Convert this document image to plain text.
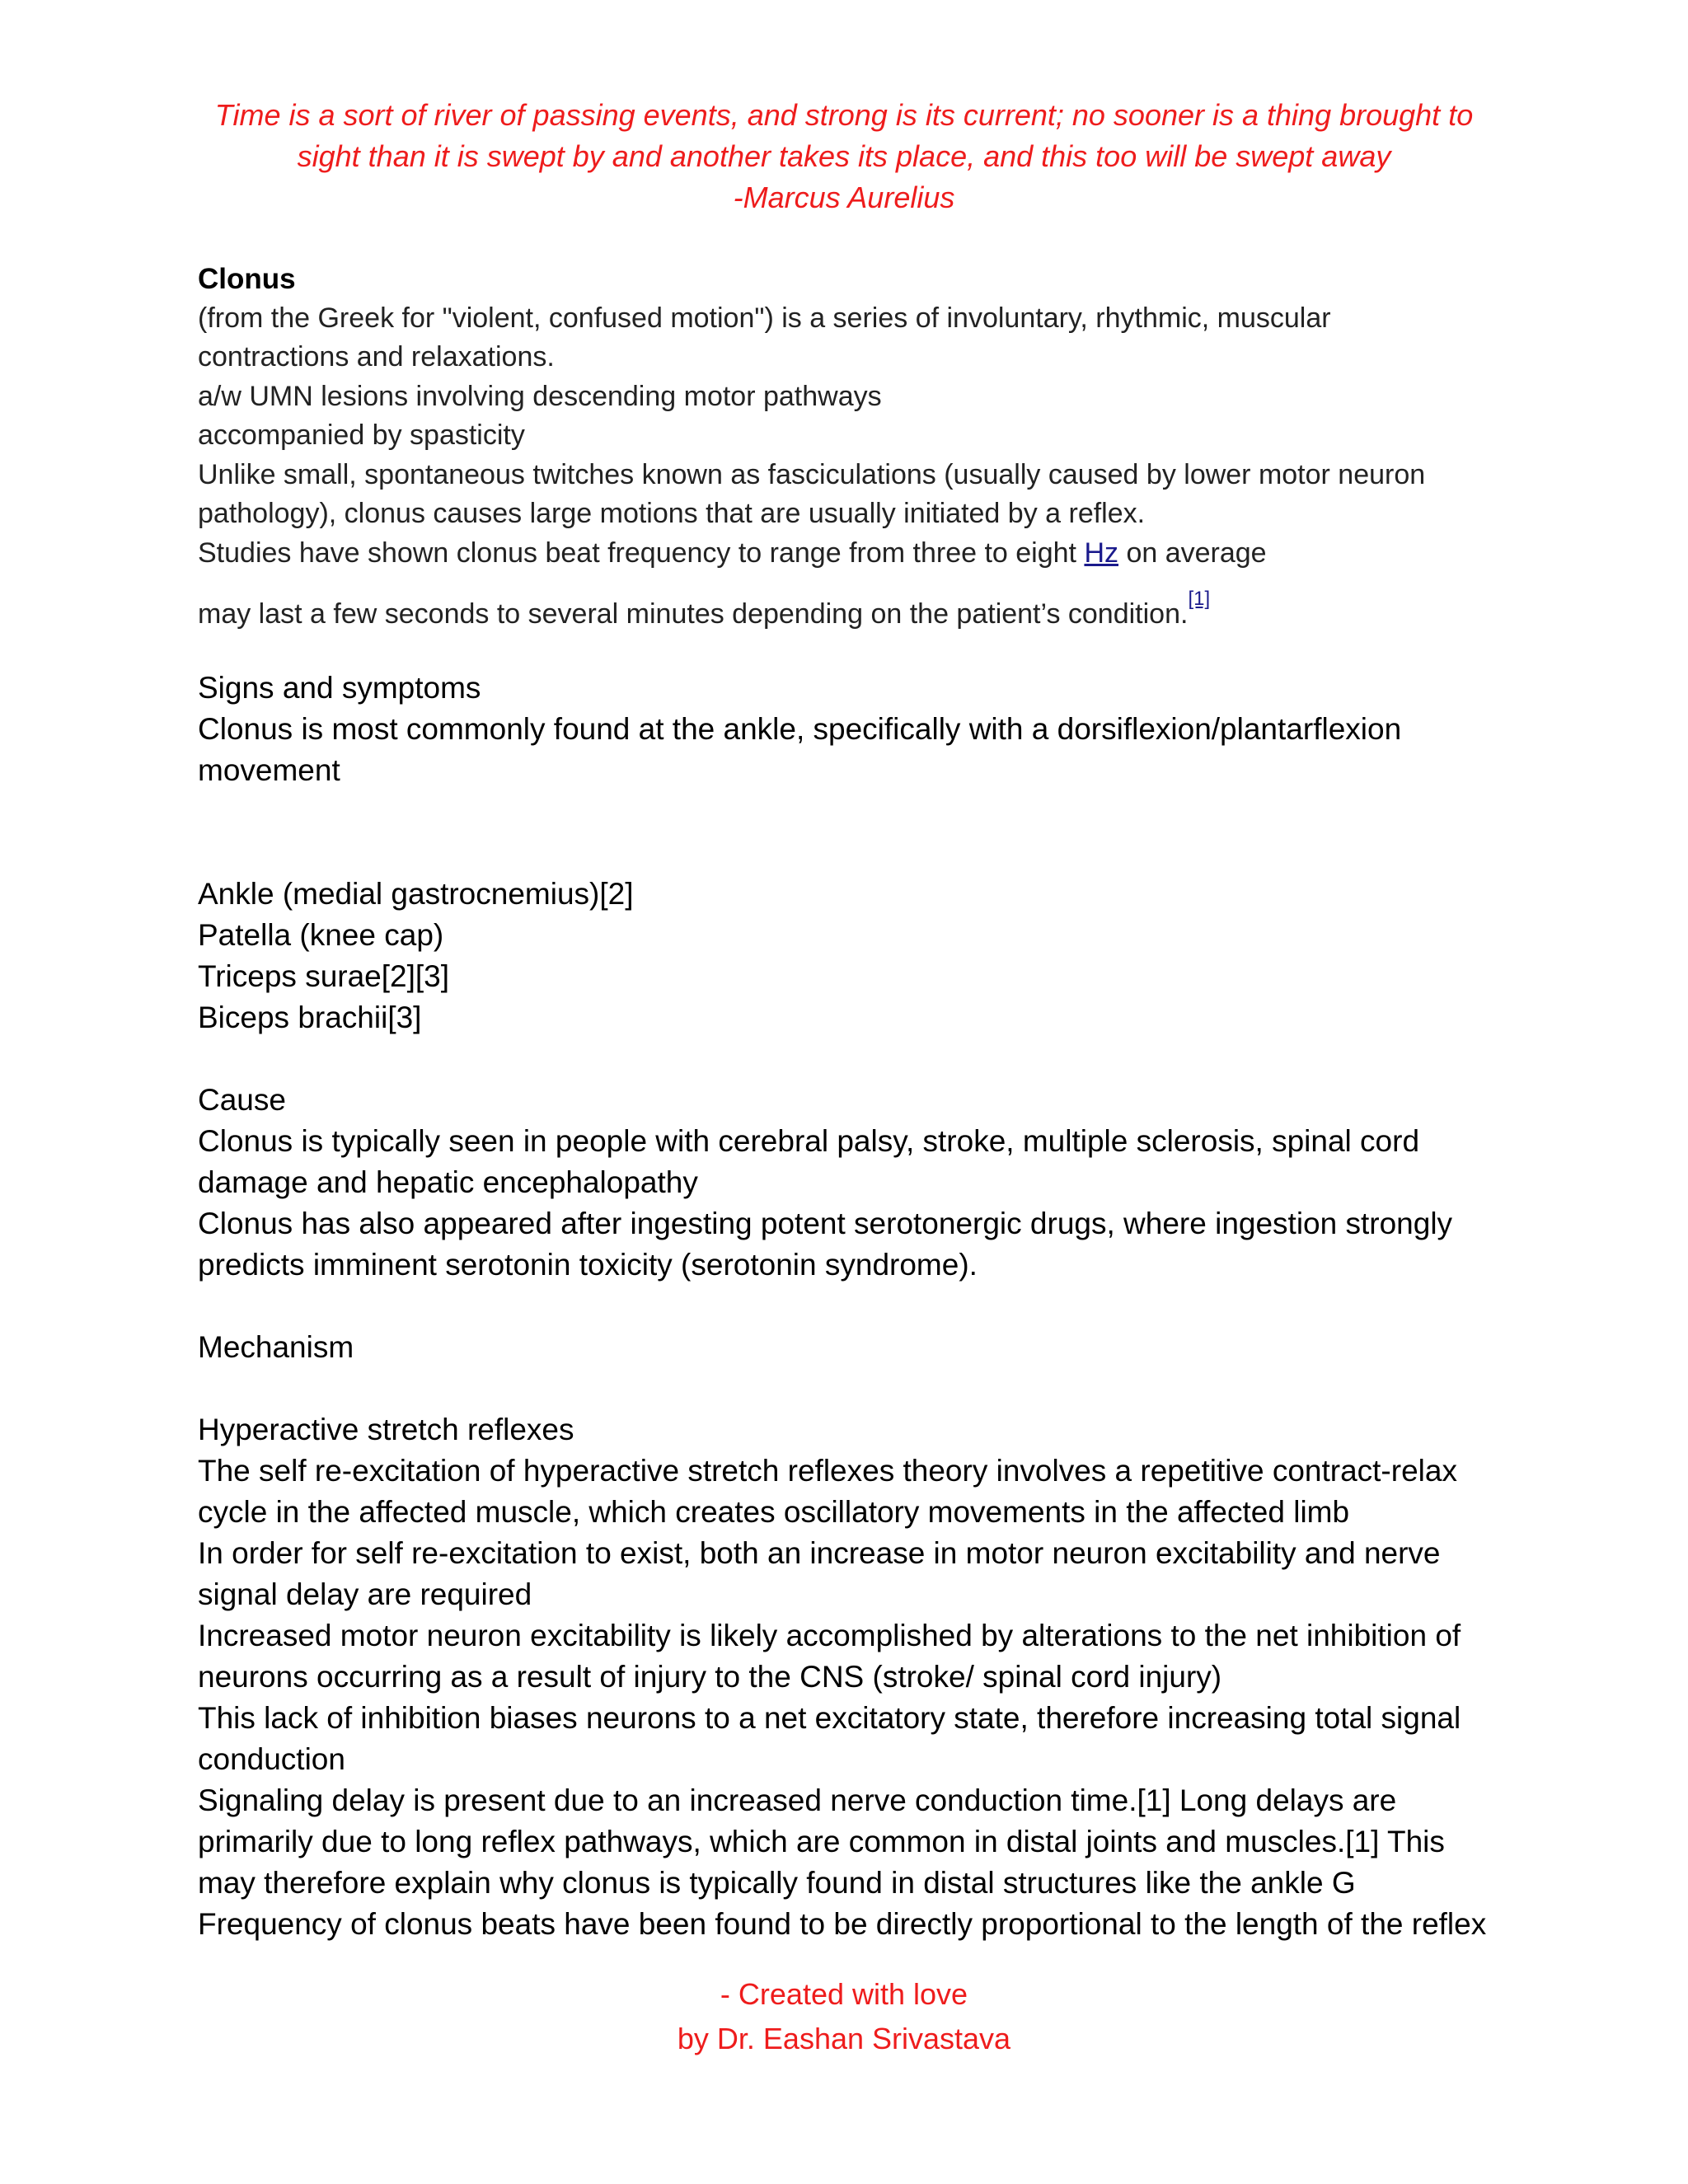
Time is a sort of river of passing events, and strong is its current; no sooner is a thing brought to
sight than it is swept by and another takes its place, and this too will be swept away
-Marcus Aurelius
Clonus
(from the Greek for "violent, confused motion") is a series of involuntary, rhythmic, muscular
contractions and relaxations.
a/w UMN lesions involving descending motor pathways
accompanied by spasticity
Unlike small, spontaneous twitches known as fasciculations (usually caused by lower motor neuron
pathology), clonus causes large motions that are usually initiated by a reflex.
Studies have shown clonus beat frequency to range from three to eight Hz on average
may last a few seconds to several minutes depending on the patient’s condition.[1]
Signs and symptoms
Clonus is most commonly found at the ankle, specifically with a dorsiflexion/plantarflexion
movement
Ankle (medial gastrocnemius)[2]
Patella (knee cap)
Triceps surae[2][3]
Biceps brachii[3]
Cause
Clonus is typically seen in people with cerebral palsy, stroke, multiple sclerosis, spinal cord
damage and hepatic encephalopathy
Clonus has also appeared after ingesting potent serotonergic drugs, where ingestion strongly
predicts imminent serotonin toxicity (serotonin syndrome).
Mechanism
Hyperactive stretch reflexes
The self re-excitation of hyperactive stretch reflexes theory involves a repetitive contract-relax
cycle in the affected muscle, which creates oscillatory movements in the affected limb
In order for self re-excitation to exist, both an increase in motor neuron excitability and nerve
signal delay are required
Increased motor neuron excitability is likely accomplished by alterations to the net inhibition of
neurons occurring as a result of injury to the CNS (stroke/ spinal cord injury)
This lack of inhibition biases neurons to a net excitatory state, therefore increasing total signal
conduction
Signaling delay is present due to an increased nerve conduction time.[1] Long delays are
primarily due to long reflex pathways, which are common in distal joints and muscles.[1] This
may therefore explain why clonus is typically found in distal structures like the ankle G
Frequency of clonus beats have been found to be directly proportional to the length of the reflex
- Created with love
by Dr. Eashan Srivastava
